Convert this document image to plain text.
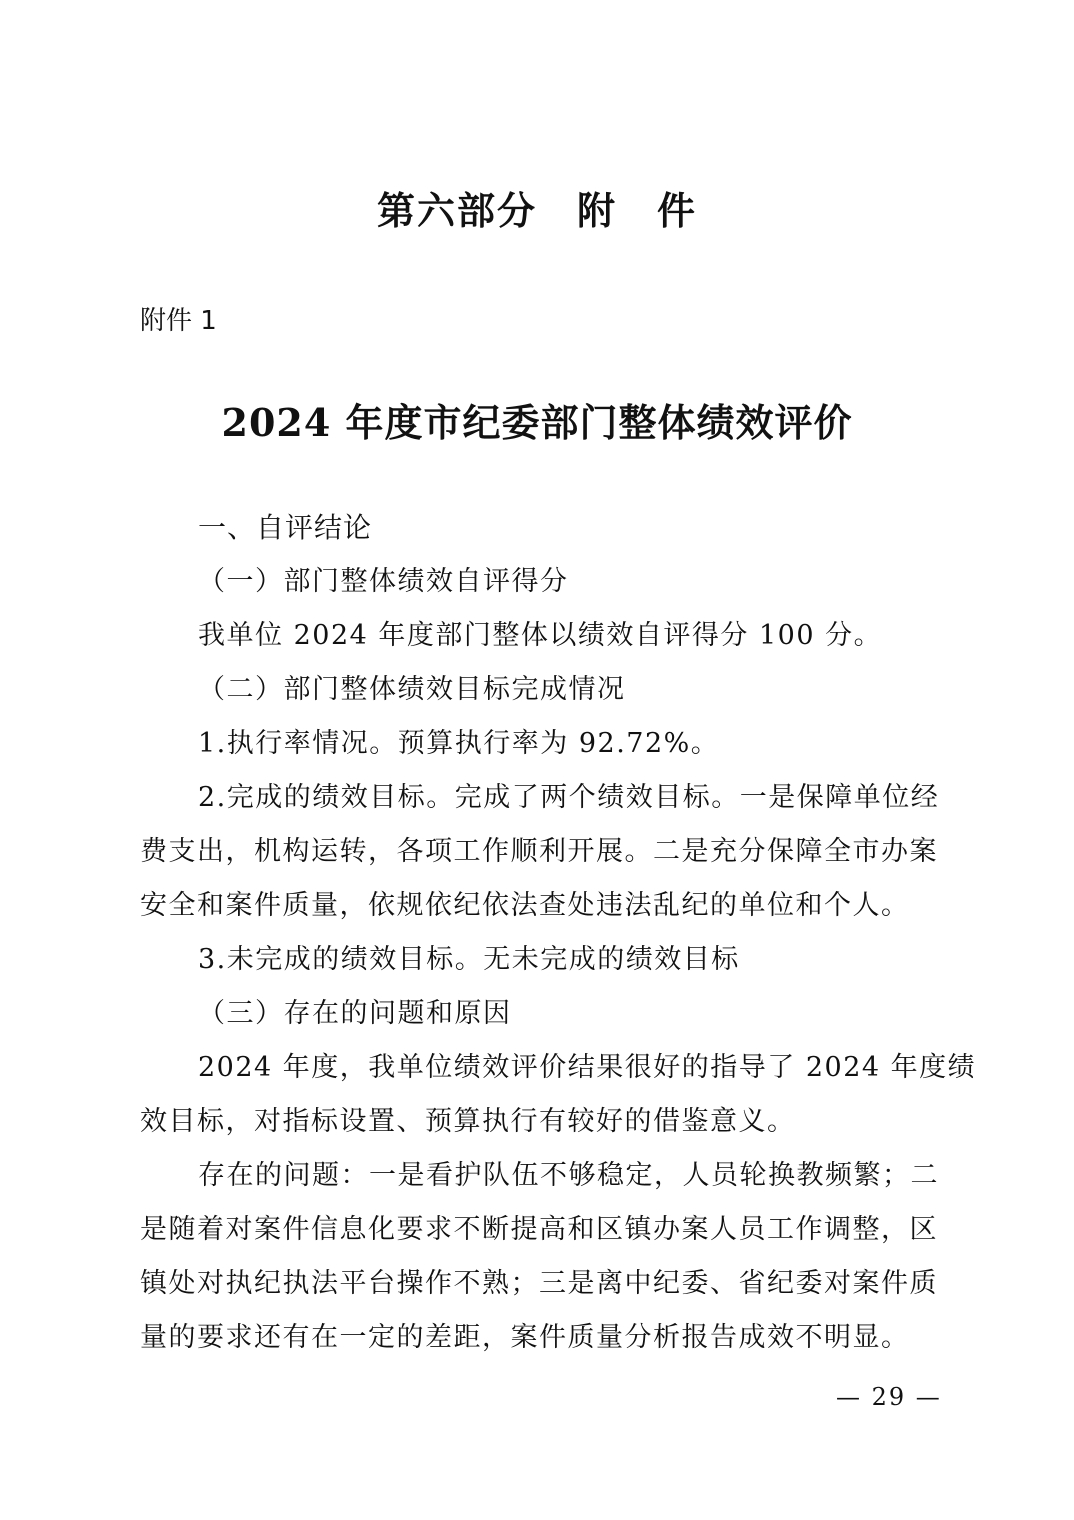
第六部分　附　件
附件 1
2024 年度市纪委部门整体绩效评价
一、自评结论
（一）部门整体绩效自评得分
我单位 2024 年度部门整体以绩效自评得分 100 分。
（二）部门整体绩效目标完成情况
1.执行率情况。预算执行率为 92.72%。
2.完成的绩效目标。完成了两个绩效目标。一是保障单位经
费支出，机构运转，各项工作顺利开展。二是充分保障全市办案
安全和案件质量，依规依纪依法查处违法乱纪的单位和个人。
3.未完成的绩效目标。无未完成的绩效目标
（三）存在的问题和原因
2024 年度，我单位绩效评价结果很好的指导了 2024 年度绩
效目标，对指标设置、预算执行有较好的借鉴意义。
存在的问题：一是看护队伍不够稳定，人员轮换教频繁；二
是随着对案件信息化要求不断提高和区镇办案人员工作调整，区
镇处对执纪执法平台操作不熟；三是离中纪委、省纪委对案件质
量的要求还有在一定的差距，案件质量分析报告成效不明显。
— 29 —
